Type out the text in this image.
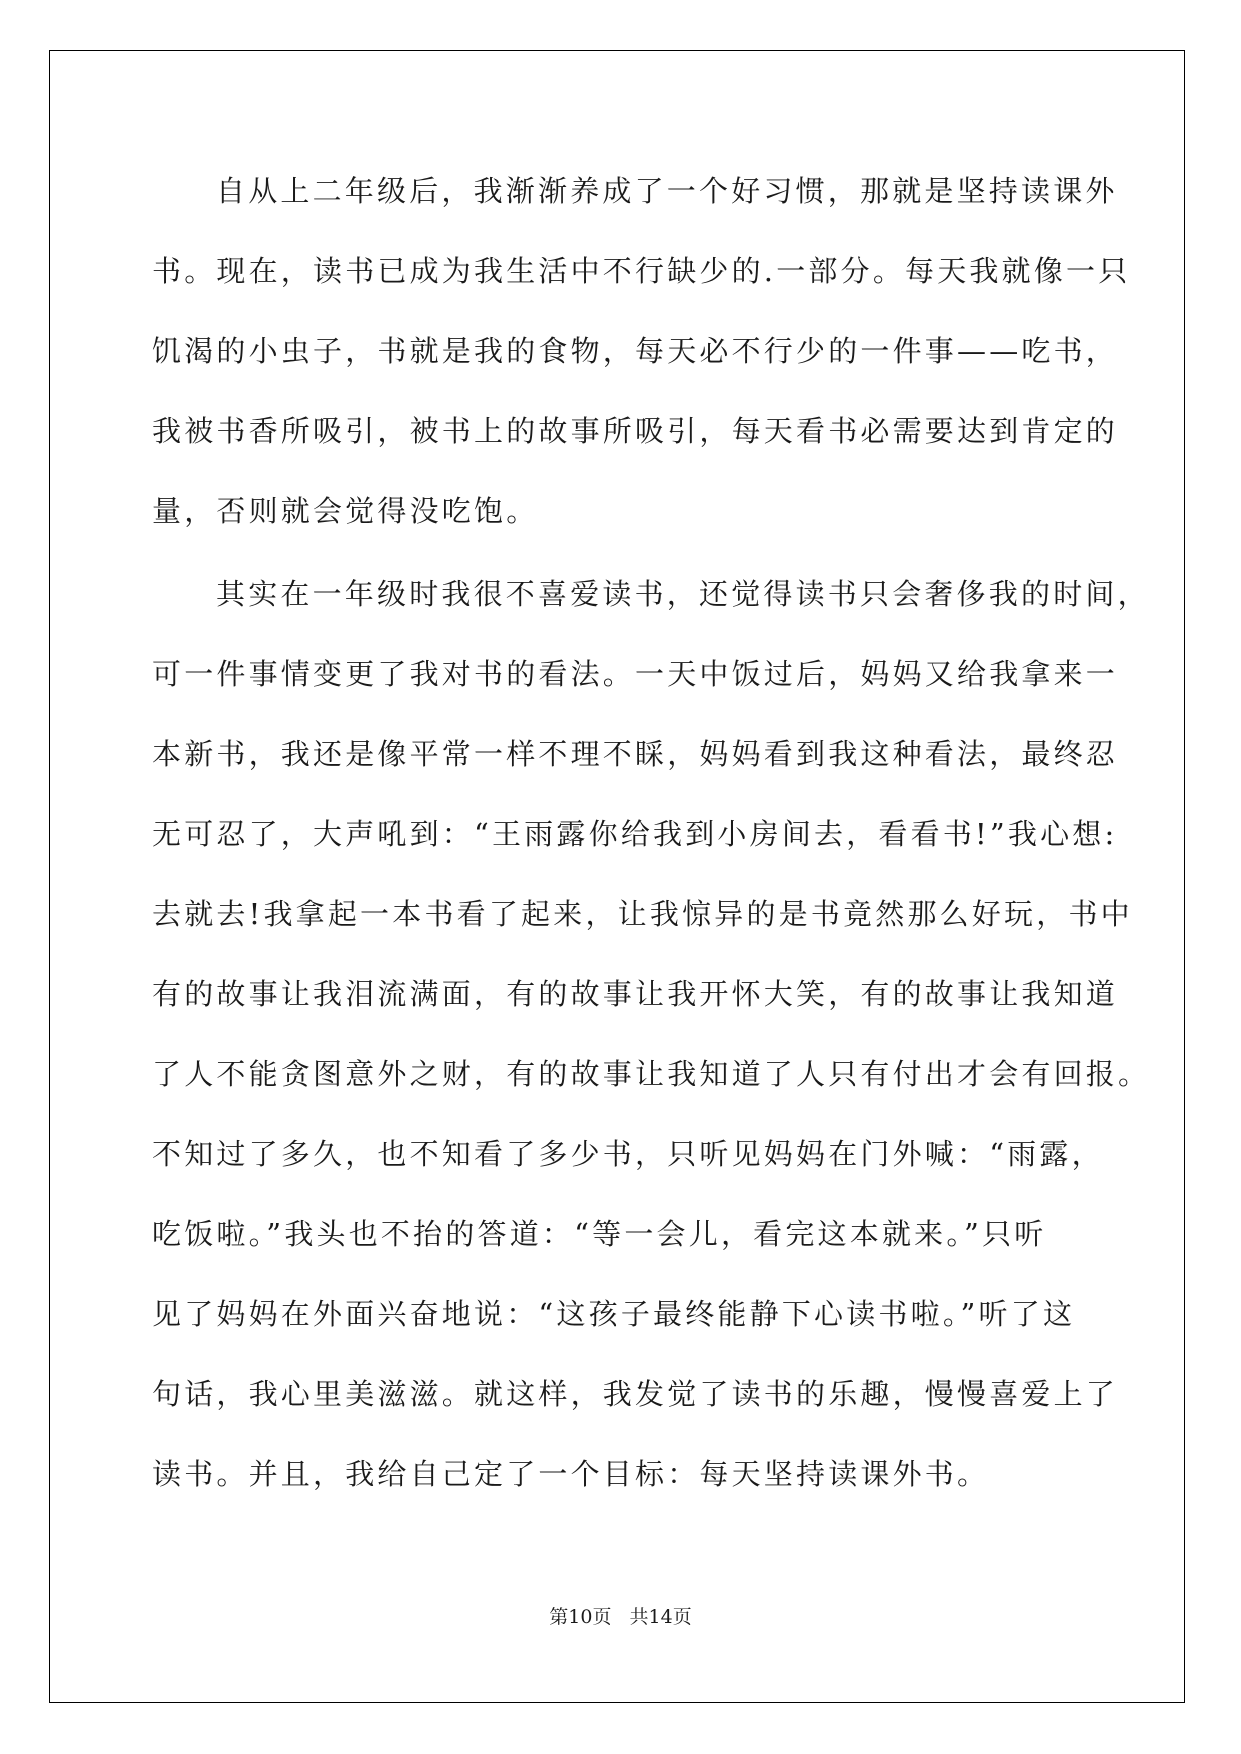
自从上二年级后，我渐渐养成了一个好习惯，那就是坚持读课外
书。现在，读书已成为我生活中不行缺少的.一部分。每天我就像一只
饥渴的小虫子，书就是我的食物，每天必不行少的一件事——吃书，
我被书香所吸引，被书上的故事所吸引，每天看书必需要达到肯定的
量，否则就会觉得没吃饱。
其实在一年级时我很不喜爱读书，还觉得读书只会奢侈我的时间，
可一件事情变更了我对书的看法。一天中饭过后，妈妈又给我拿来一
本新书，我还是像平常一样不理不睬，妈妈看到我这种看法，最终忍
无可忍了，大声吼到：“王雨露你给我到小房间去，看看书!”我心想:
去就去!我拿起一本书看了起来，让我惊异的是书竟然那么好玩，书中
有的故事让我泪流满面，有的故事让我开怀大笑，有的故事让我知道
了人不能贪图意外之财，有的故事让我知道了人只有付出才会有回报。
不知过了多久，也不知看了多少书，只听见妈妈在门外喊：“雨露，
吃饭啦。”我头也不抬的答道：“等一会儿，看完这本就来。”只听
见了妈妈在外面兴奋地说：“这孩子最终能静下心读书啦。”听了这
句话，我心里美滋滋。就这样，我发觉了读书的乐趣，慢慢喜爱上了
读书。并且，我给自己定了一个目标：每天坚持读课外书。
第10页 共14页
